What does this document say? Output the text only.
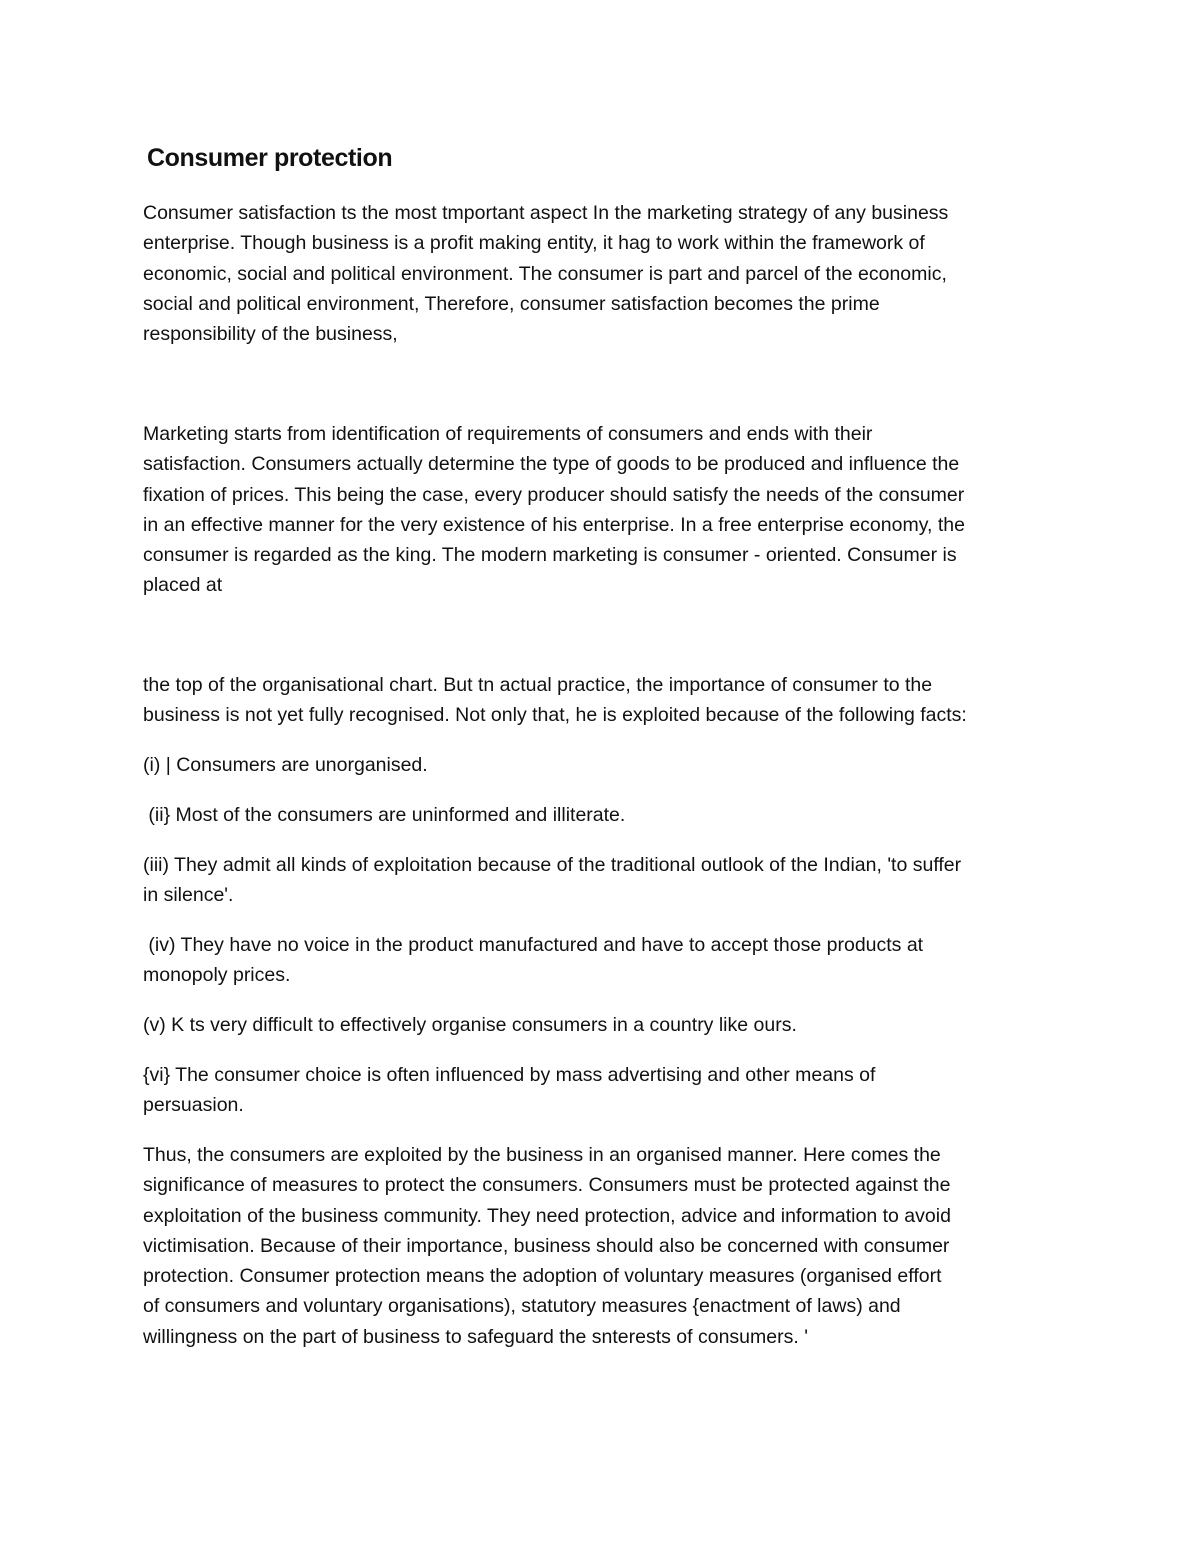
Consumer protection

Consumer satisfaction ts the most tmportant aspect In the marketing strategy of any business
enterprise. Though business is a profit making entity, it hag to work within the framework of
economic, social and political environment. The consumer is part and parcel of the economic,
social and political environment, Therefore, consumer satisfaction becomes the prime
responsibility of the business,

Marketing starts from identification of requirements of consumers and ends with their
satisfaction. Consumers actually determine the type of goods to be produced and influence the
fixation of prices. This being the case, every producer should satisfy the needs of the consumer
in an effective manner for the very existence of his enterprise. In a free enterprise economy, the
consumer is regarded as the king. The modern marketing is consumer - oriented. Consumer is
placed at

the top of the organisational chart. But tn actual practice, the importance of consumer to the
business is not yet fully recognised. Not only that, he is exploited because of the following facts:

(i) | Consumers are unorganised.

(ii} Most of the consumers are uninformed and illiterate.

(iii) They admit all kinds of exploitation because of the traditional outlook of the Indian, 'to suffer
in silence'.

(iv) They have no voice in the product manufactured and have to accept those products at
monopoly prices.

(v) K ts very difficult to effectively organise consumers in a country like ours.

{vi} The consumer choice is often influenced by mass advertising and other means of
persuasion.

Thus, the consumers are exploited by the business in an organised manner. Here comes the
significance of measures to protect the consumers. Consumers must be protected against the
exploitation of the business community. They need protection, advice and information to avoid
victimisation. Because of their importance, business should also be concerned with consumer
protection. Consumer protection means the adoption of voluntary measures (organised effort
of consumers and voluntary organisations), statutory measures {enactment of laws) and
willingness on the part of business to safeguard the snterests of consumers. '
